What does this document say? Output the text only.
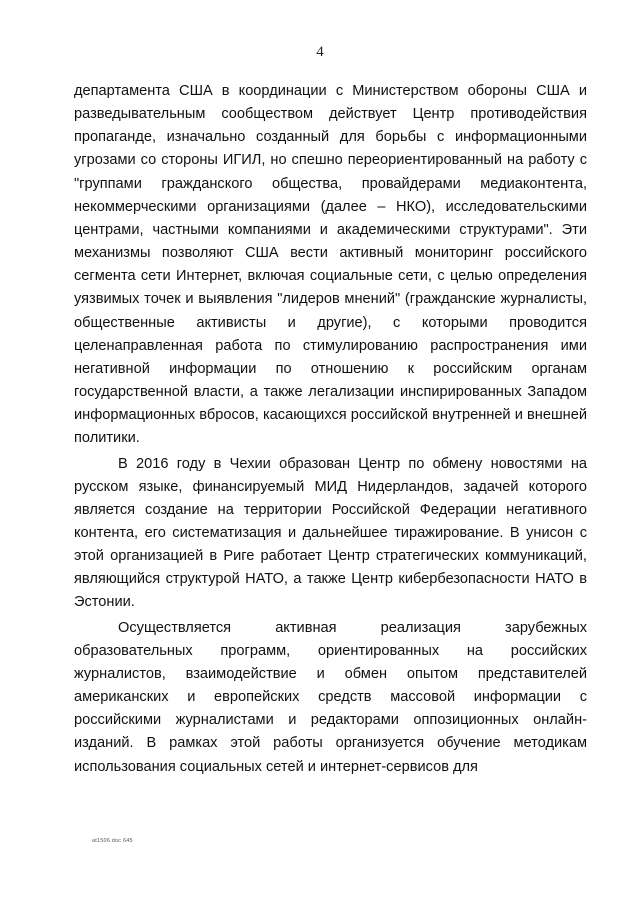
4

департамента США в координации с Министерством обороны США и разведывательным сообществом действует Центр противодействия пропаганде, изначально созданный для борьбы с информационными угрозами со стороны ИГИЛ, но спешно переориентированный на работу с "группами гражданского общества, провайдерами медиаконтента, некоммерческими организациями (далее – НКО), исследовательскими центрами, частными компаниями и академическими структурами". Эти механизмы позволяют США вести активный мониторинг российского сегмента сети Интернет, включая социальные сети, с целью определения уязвимых точек и выявления "лидеров мнений" (гражданские журналисты, общественные активисты и другие), с которыми проводится целенаправленная работа по стимулированию распространения ими негативной информации по отношению к российским органам государственной власти, а также легализации инспирированных Западом информационных вбросов, касающихся российской внутренней и внешней политики.

В 2016 году в Чехии образован Центр по обмену новостями на русском языке, финансируемый МИД Нидерландов, задачей которого является создание на территории Российской Федерации негативного контента, его систематизация и дальнейшее тиражирование. В унисон с этой организацией в Риге работает Центр стратегических коммуникаций, являющийся структурой НАТО, а также Центр кибербезопасности НАТО в Эстонии.

Осуществляется активная реализация зарубежных образовательных программ, ориентированных на российских журналистов, взаимодействие и обмен опытом представителей американских и европейских средств массовой информации с российскими журналистами и редакторами оппозиционных онлайн-изданий. В рамках этой работы организуется обучение методикам использования социальных сетей и интернет-сервисов для

at1506.doc 645
